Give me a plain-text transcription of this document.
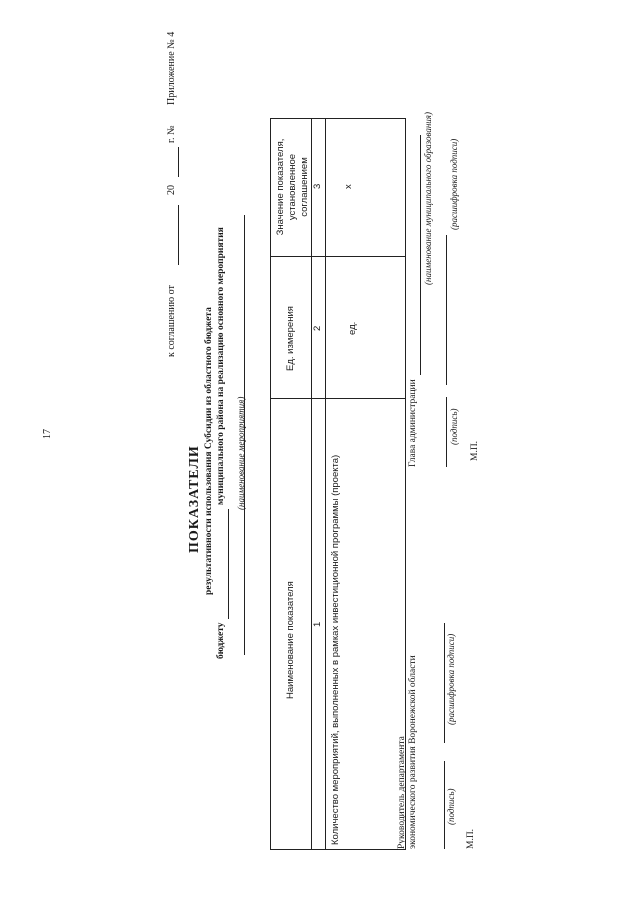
17
Приложение № 4
г. №
20
к соглашению от
ПОКАЗАТЕЛИ результативности использования Субсидии из областного бюджета
бюджету
муниципального района на реализацию основного мероприятия (наименование мероприятия)
Наименование показателя
Ед. измерения
Значение показателя, установленное соглашением
1
2
3
Количество мероприятий, выполненных в рамках инвестиционной программы (проекта)
ед.
х
Руководитель департамента экономического развития Воронежской области	(подпись)
(расшифровка подписи)
М.П.
Глава администрации
(наименование муниципального образования)
(подпись)
(расшифровка подписи)
М.П.
